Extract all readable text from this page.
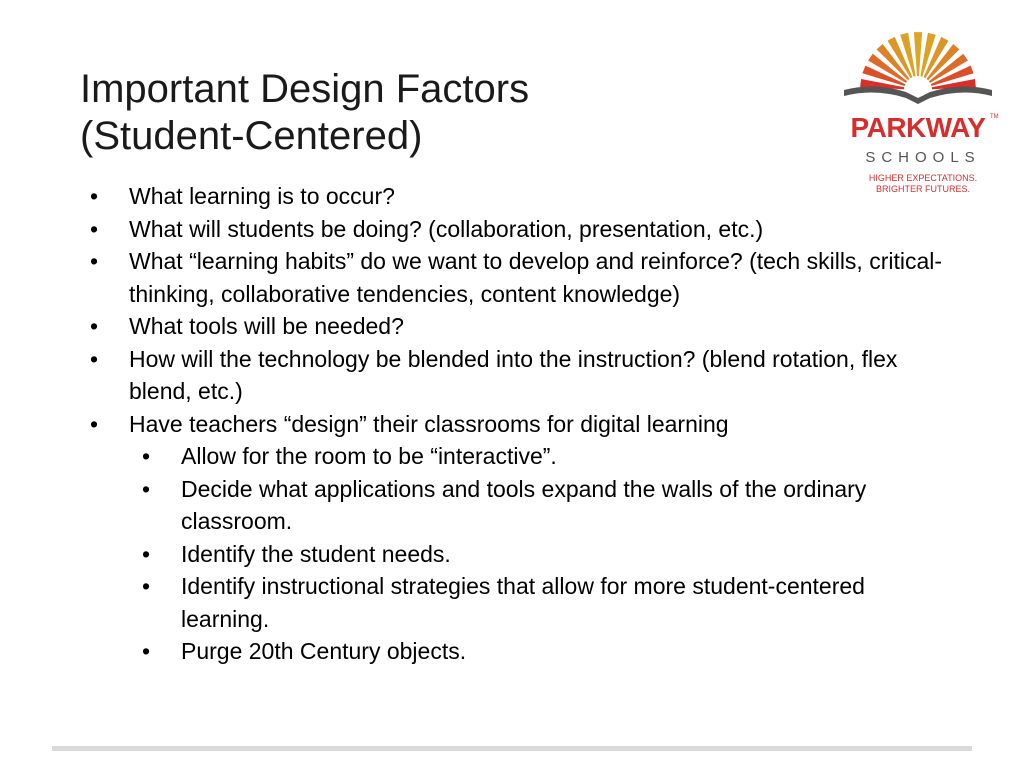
Important Design Factors
(Student-Centered)	PARKWAY TM
SCHOOLS
HIGHER EXPECTATIONS.
BRIGHTER FUTURES.
• What learning is to occur?
• What will students be doing? (collaboration, presentation, etc.)
• What “learning habits” do we want to develop and reinforce? (tech skills, critical-thinking, collaborative tendencies, content knowledge)
• What tools will be needed?
• How will the technology be blended into the instruction? (blend rotation, flex blend, etc.)
• Have teachers “design” their classrooms for digital learning
• Allow for the room to be “interactive”.
• Decide what applications and tools expand the walls of the ordinary classroom.
• Identify the student needs.
• Identify instructional strategies that allow for more student-centered learning.
• Purge 20th Century objects.
